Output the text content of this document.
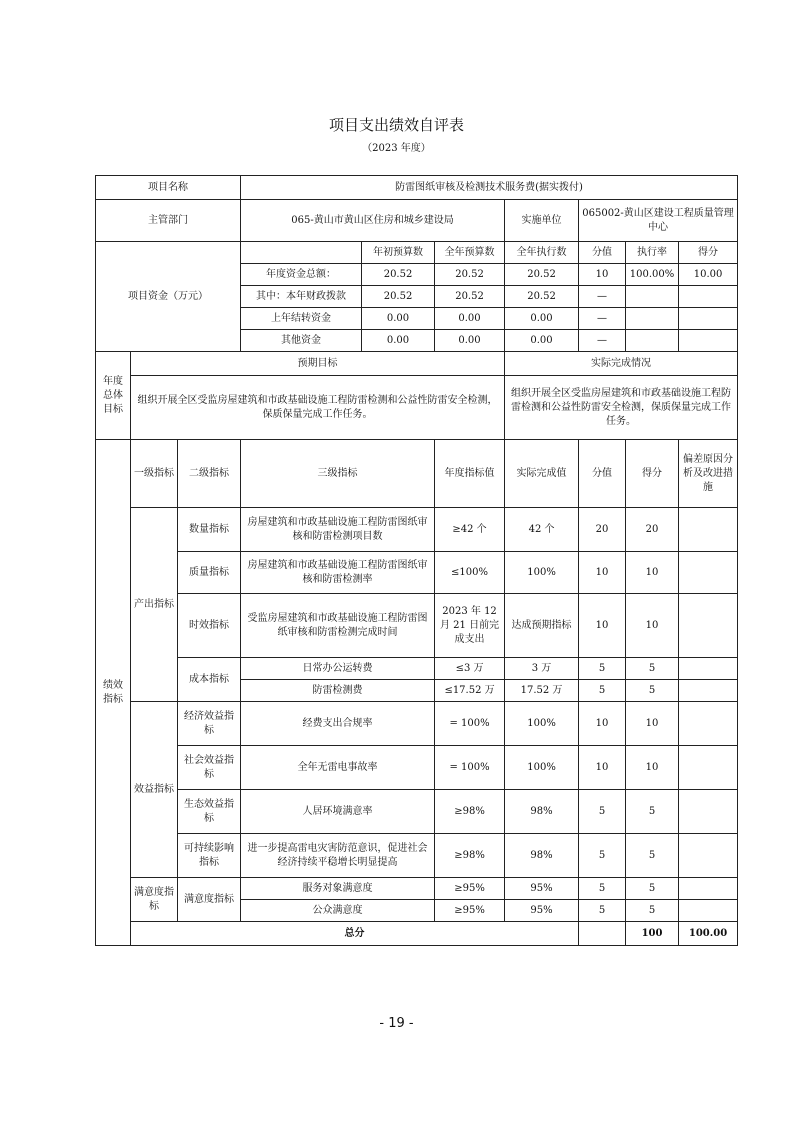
项目支出绩效自评表
（2023 年度）
项目名称			防雷图纸审核及检测技术服务费(据实拨付)							
主管部门			065-黄山市黄山区住房和城乡建设局			实施单位	065002-黄山区建设工程质量管理中心			
项目资金（万元）				年初预算数	全年预算数	全年执行数	分值	执行率	得分	
			年度资金总额：	20.52	20.52	20.52	10	100.00%	10.00	
			其中：本年财政拨款	20.52	20.52	20.52	—			
			上年结转资金	0.00	0.00	0.00	—			
			其他资金	0.00	0.00	0.00	—			
年度总体目标	预期目标					实际完成情况				
	组织开展全区受监房屋建筑和市政基础设施工程防雷检测和公益性防雷安全检测，保质保量完成工作任务。					组织开展全区受监房屋建筑和市政基础设施工程防雷检测和公益性防雷安全检测，保质保量完成工作任务。				
绩效指标	一级指标	二级指标	三级指标		年度指标值	实际完成值	分值	得分	偏差原因分析及改进措施	
	产出指标	数量指标	房屋建筑和市政基础设施工程防雷图纸审核和防雷检测项目数		≥42 个	42 个	20	20		
		质量指标	房屋建筑和市政基础设施工程防雷图纸审核和防雷检测率		≤100%	100%	10	10		
		时效指标	受监房屋建筑和市政基础设施工程防雷图纸审核和防雷检测完成时间		2023 年 12 月 21 日前完成支出	达成预期指标	10	10		
		成本指标	日常办公运转费		≤3 万	3 万	5	5		
			防雷检测费		≤17.52 万	17.52 万	5	5		
	效益指标	经济效益指标	经费支出合规率		= 100%	100%	10	10		
		社会效益指标	全年无雷电事故率		= 100%	100%	10	10		
		生态效益指标	人居环境满意率		≥98%	98%	5	5		
		可持续影响指标	进一步提高雷电灾害防范意识，促进社会经济持续平稳增长明显提高		≥98%	98%	5	5		
	满意度指标	满意度指标	服务对象满意度		≥95%	95%	5	5		
			公众满意度		≥95%	95%	5	5		
	总分							100	100.00	
- 19 -
